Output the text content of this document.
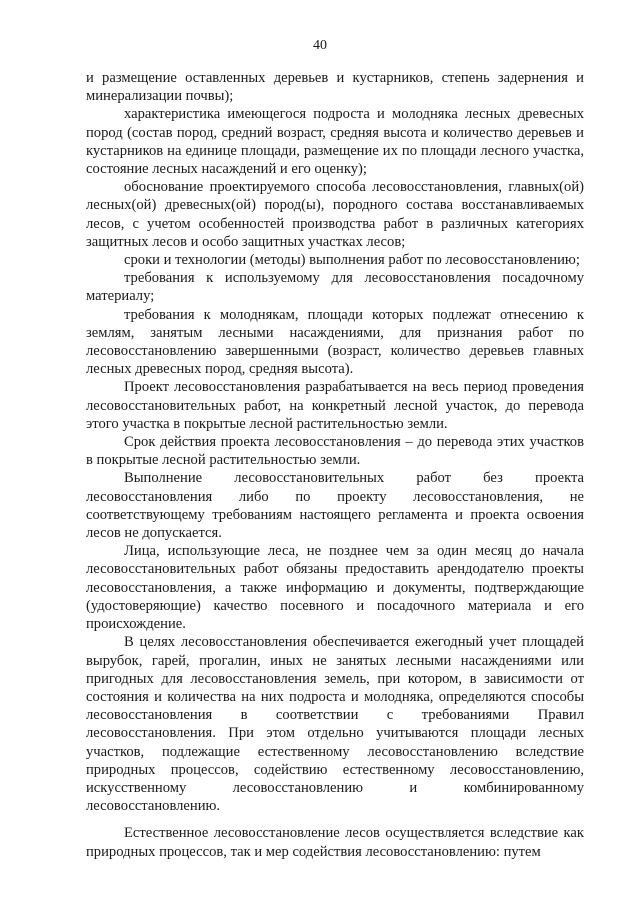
40

и размещение оставленных деревьев и кустарников, степень задернения и минерализации почвы);

характеристика имеющегося подроста и молодняка лесных древесных пород (состав пород, средний возраст, средняя высота и количество деревьев и кустарников на единице площади, размещение их по площади лесного участка, состояние лесных насаждений и его оценку);

обоснование проектируемого способа лесовосстановления, главных(ой) лесных(ой) древесных(ой) пород(ы), породного состава восстанавливаемых лесов, с учетом особенностей производства работ в различных категориях защитных лесов и особо защитных участках лесов;

сроки и технологии (методы) выполнения работ по лесовосстановлению;

требования к используемому для лесовосстановления посадочному материалу;

требования к молоднякам, площади которых подлежат отнесению к землям, занятым лесными насаждениями, для признания работ по лесовосстановлению завершенными (возраст, количество деревьев главных лесных древесных пород, средняя высота).

Проект лесовосстановления разрабатывается на весь период проведения лесовосстановительных работ, на конкретный лесной участок, до перевода этого участка в покрытые лесной растительностью земли.

Срок действия проекта лесовосстановления – до перевода этих участков в покрытые лесной растительностью земли.

Выполнение лесовосстановительных работ без проекта лесовосстановления либо по проекту лесовосстановления, не соответствующему требованиям настоящего регламента и проекта освоения лесов не допускается.

Лица, использующие леса, не позднее чем за один месяц до начала лесовосстановительных работ обязаны предоставить арендодателю проекты лесовосстановления, а также информацию и документы, подтверждающие (удостоверяющие) качество посевного и посадочного материала и его происхождение.

В целях лесовосстановления обеспечивается ежегодный учет площадей вырубок, гарей, прогалин, иных не занятых лесными насаждениями или пригодных для лесовосстановления земель, при котором, в зависимости от состояния и количества на них подроста и молодняка, определяются способы лесовосстановления в соответствии с требованиями Правил лесовосстановления. При этом отдельно учитываются площади лесных участков, подлежащие естественному лесовосстановлению вследствие природных процессов, содействию естественному лесовосстановлению, искусственному лесовосстановлению и комбинированному лесовосстановлению.

Естественное лесовосстановление лесов осуществляется вследствие как природных процессов, так и мер содействия лесовосстановлению: путем
